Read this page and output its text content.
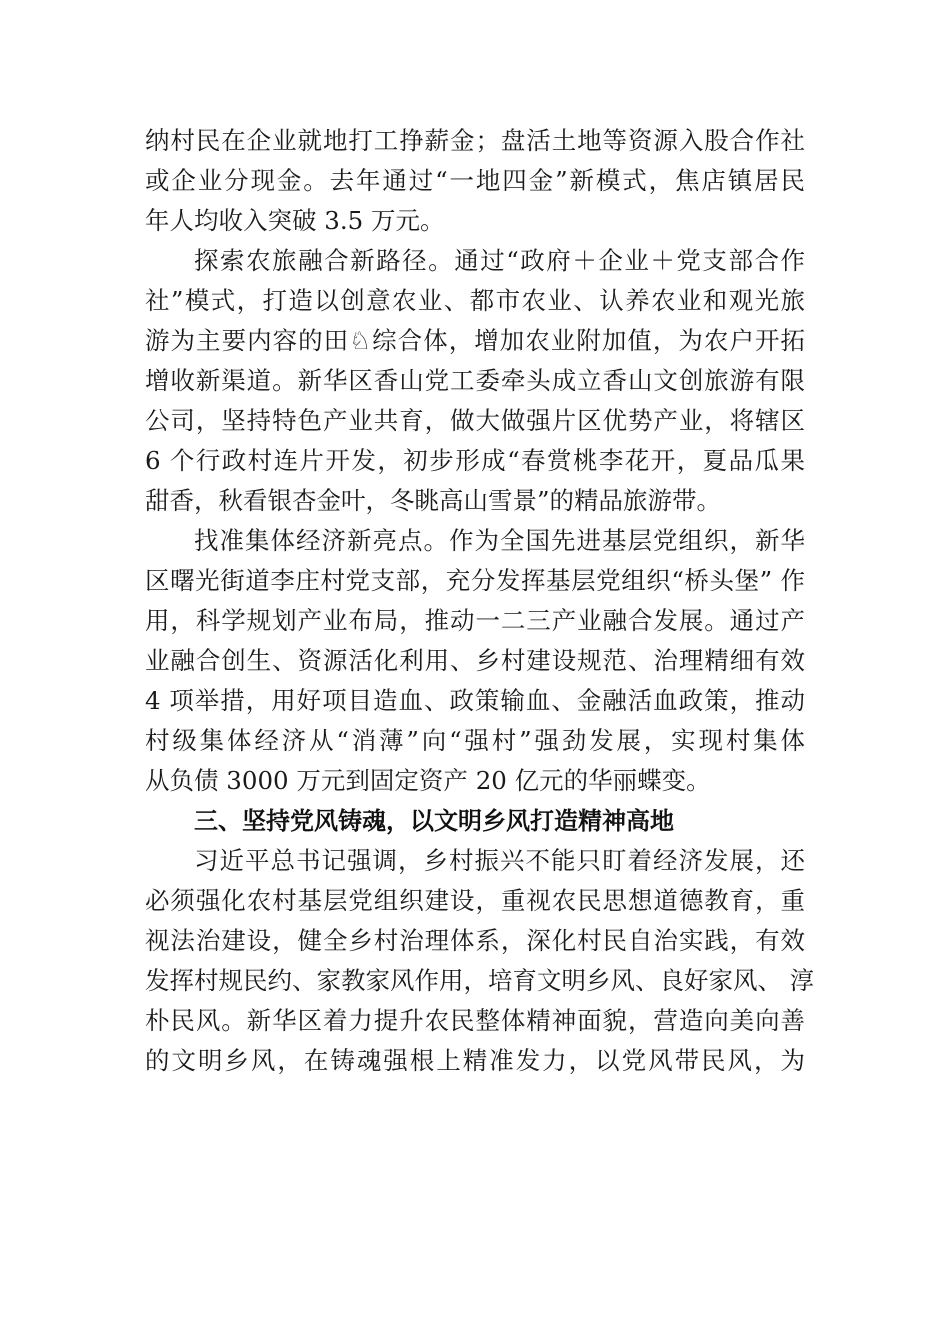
纳村民在企业就地打工挣薪金；盘活土地等资源入股合作社
或企业分现金。去年通过“一地四金”新模式，焦店镇居民
年人均收入突破 3.5 万元。
探索农旅融合新路径。通过“政府＋企业＋党支部合作
社”模式，打造以创意农业、都市农业、认养农业和观光旅
游为主要内容的田♘综合体，增加农业附加值，为农户开拓
增收新渠道。新华区香山党工委牵头成立香山文创旅游有限
公司，坚持特色产业共育，做大做强片区优势产业，将辖区
6 个行政村连片开发，初步形成“春赏桃李花开，夏品瓜果
甜香，秋看银杏金叶，冬眺高山雪景”的精品旅游带。
找准集体经济新亮点。作为全国先进基层党组织，新华
区曙光街道李庄村党支部，充分发挥基层党组织“桥头堡” 作
用，科学规划产业布局，推动一二三产业融合发展。通过产
业融合创生、资源活化利用、乡村建设规范、治理精细有效
4 项举措，用好项目造血、政策输血、金融活血政策，推动
村级集体经济从“消薄”向“强村”强劲发展，实现村集体
从负债 3000 万元到固定资产 20 亿元的华丽蝶变。
三、坚持党风铸魂，以文明乡风打造精神高地
习近平总书记强调，乡村振兴不能只盯着经济发展，还
必须强化农村基层党组织建设，重视农民思想道德教育，重
视法治建设，健全乡村治理体系，深化村民自治实践，有效
发挥村规民约、家教家风作用，培育文明乡风、良好家风、 淳
朴民风。新华区着力提升农民整体精神面貌，营造向美向善
的文明乡风，在铸魂强根上精准发力，以党风带民风，为
